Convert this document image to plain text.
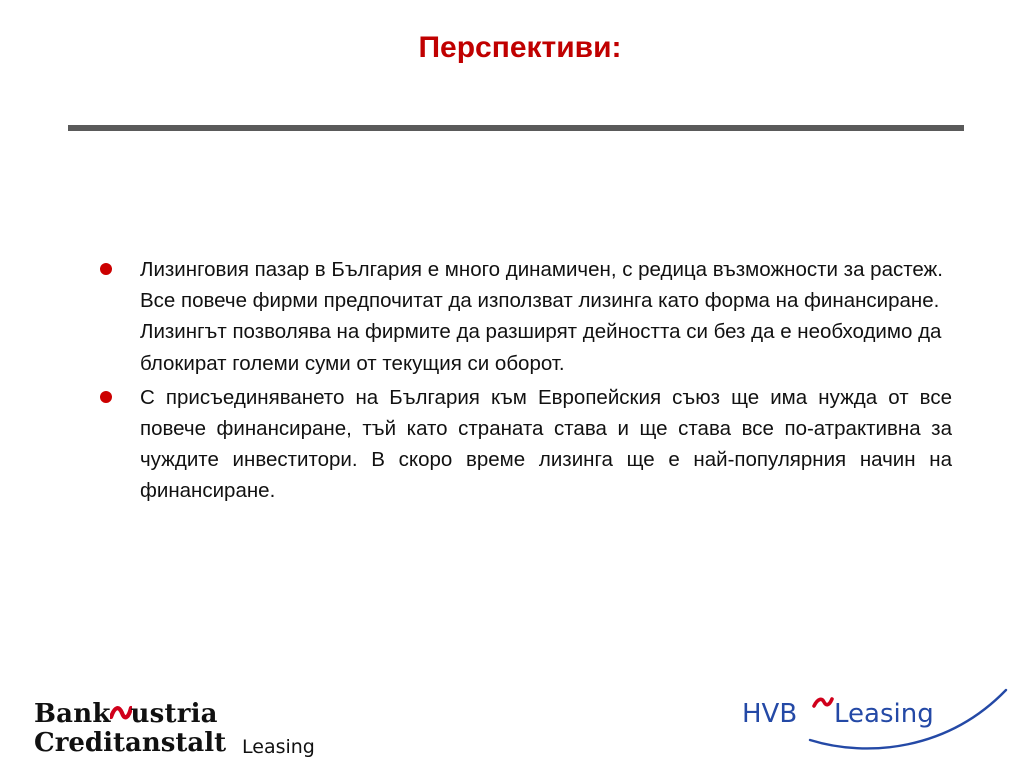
Перспективи:
Лизинговия пазар в България е много динамичен, с редица възможности за растеж. Все повече фирми предпочитат да използват лизинга като форма на финансиране. Лизингът позволява на фирмите да разширят дейността си без да е необходимо да блокират големи суми от текущия си оборот.
С присъединяването на България към Европейския съюз ще има нужда от все повече финансиране, тъй като страната става и ще става все по-атрактивна за чуждите инвеститори. В скоро време лизинга ще е най-популярния начин на финансиране.
Bank ustria
Creditanstalt Leasing
HVB Leasing
